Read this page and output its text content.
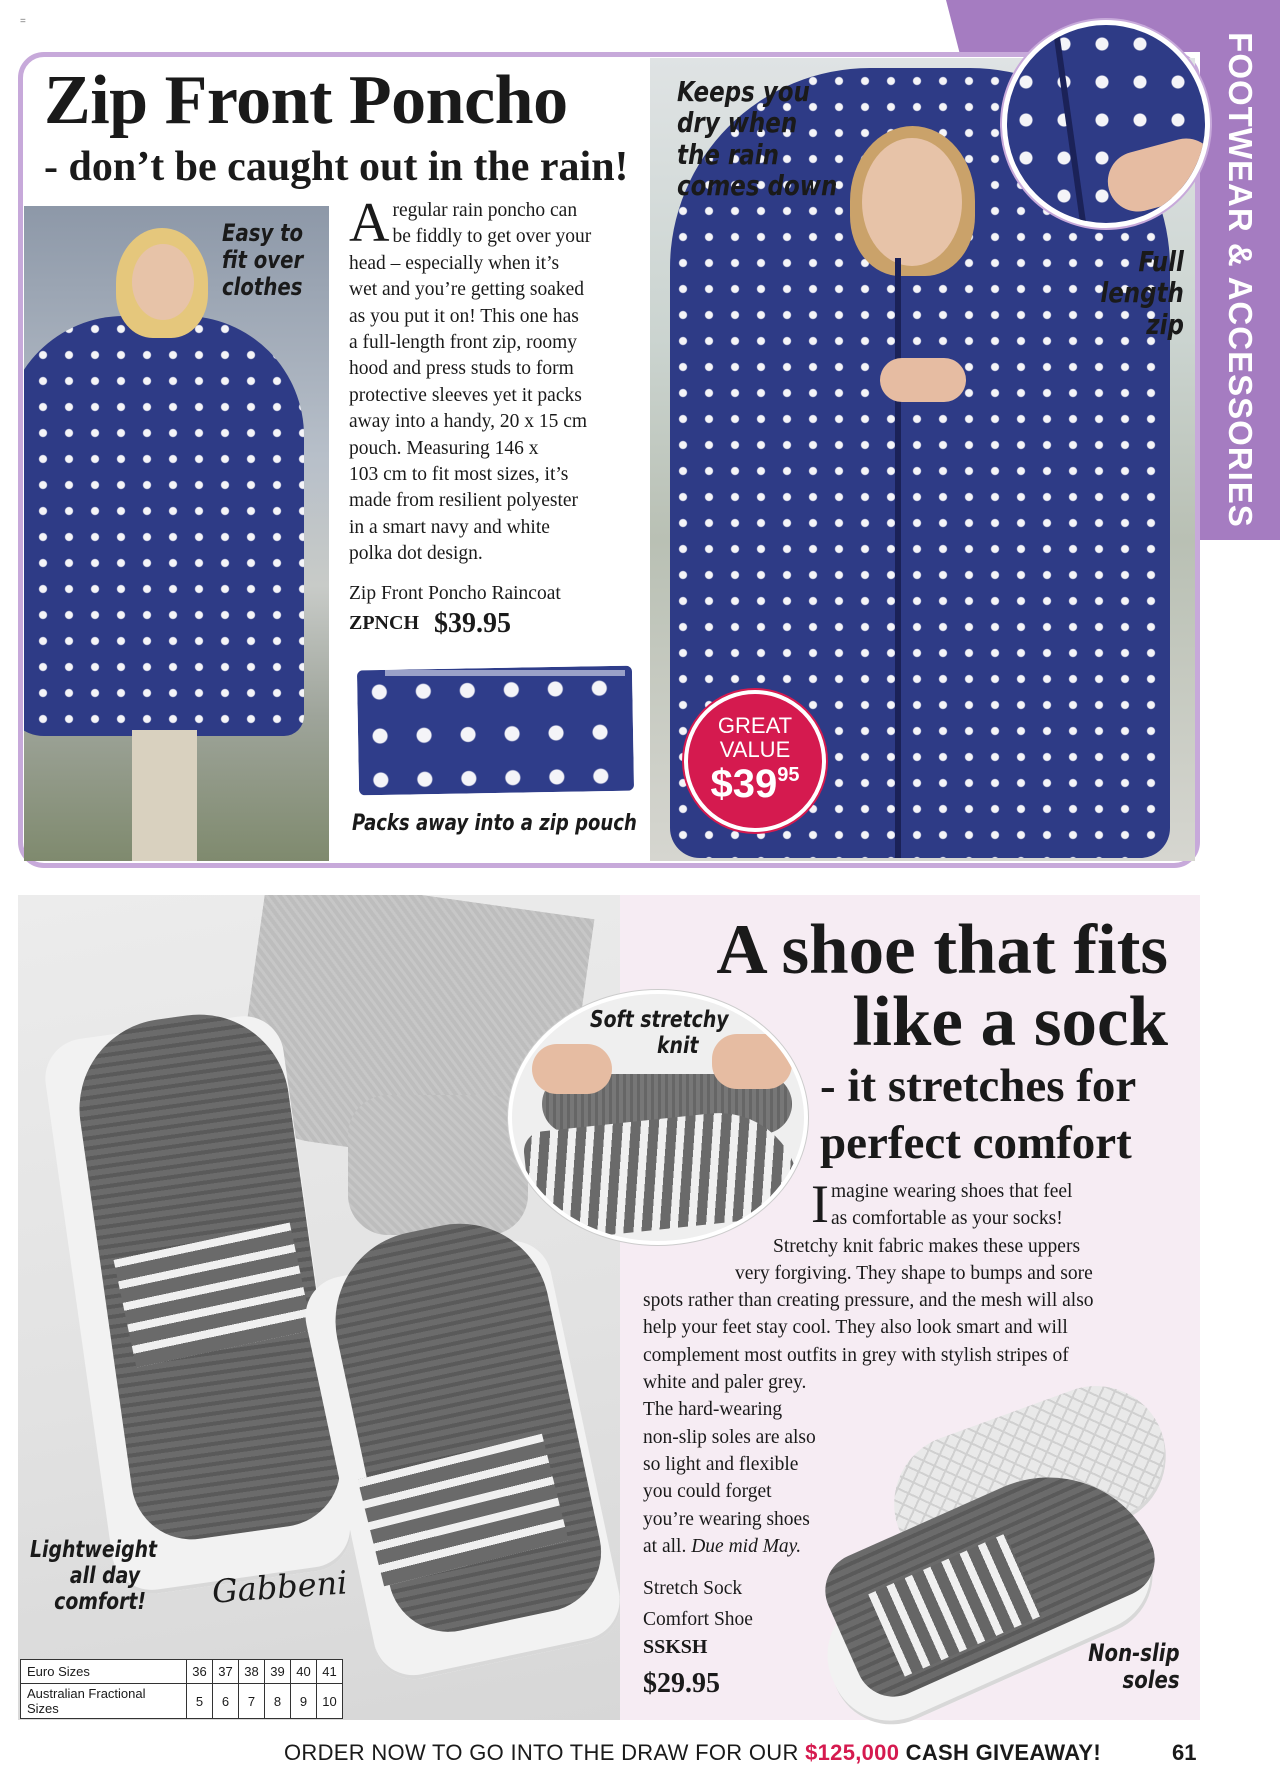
=
FOOTWEAR & ACCESSORIES
Zip Front Poncho
- don’t be caught out in the rain!
Easy to
fit over
clothes
Keeps you
dry when
the rain
comes down
Full
length
zip
A regular rain poncho can
be fiddly to get over your
head – especially when it’s
wet and you’re getting soaked
as you put it on! This one has
a full-length front zip, roomy
hood and press studs to form
protective sleeves yet it packs
away into a handy, 20 x 15 cm
pouch. Measuring 146 x
103 cm to fit most sizes, it’s
made from resilient polyester
in a smart navy and white
polka dot design.
Zip Front Poncho Raincoat
ZPNCH $39.95
Packs away into a zip pouch
GREAT
VALUE
$\$39^{95}$
Soft stretchy
knit
A shoe that fits
like a sock
- it stretches for
perfect comfort
I magine wearing shoes that feel
as comfortable as your socks!
Stretchy knit fabric makes these uppers
very forgiving. They shape to bumps and sore
spots rather than creating pressure, and the mesh will also
help your feet stay cool. They also look smart and will
complement most outfits in grey with stylish stripes of
white and paler grey.
The hard-wearing
non-slip soles are also
so light and flexible
you could forget
you’re wearing shoes
at all. Due mid May.
Lightweight
all day
comfort!	Gabbeni
Non-slip
soles
Stretch Sock
Comfort Shoe
SSKSH
$29.95
Euro Sizes	36	37	38	39	40	41
Australian Fractional Sizes	5	6	7	8	9	10
ORDER NOW TO GO INTO THE DRAW FOR OUR $125,000 CASH GIVEAWAY!	61
